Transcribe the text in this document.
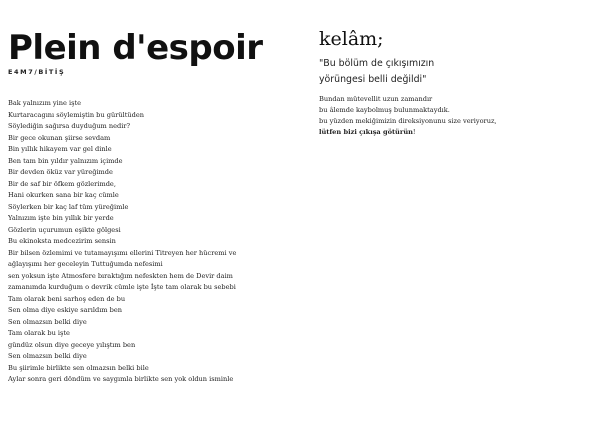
Plein d'espoir
E4M7/BİTİŞ
Bak yalnızım yine işte
Kurtaracagını söylemiştin bu gürültüden
Söylediğin sağırsa duyduğum nedir?
Bir gece okunan şiirse sevdam
Bin yıllık hikayem var gel dinle
Ben tam bin yıldır yalnızım içimde
Bir devden öküz var yüreğimde
Bir de saf bir öfkem gözlerimde,
Hani okurken sana bir kaç cümle
Söylerken bir kaç laf tüm yüreğimle
Yalnızım işte bin yıllık bir yerde
Gözlerin uçurumun eşikte gölgesi
Bu ekinoksta medcezirim sensin
Bir bilsen özlemimi ve tutamayışımı ellerini Titreyen her hücremi ve
ağlayışımı her geceleyin Tuttuğumda nefesimi
sen yoksun işte Atmosfere bıraktığım nefeskten hem de Devir daim
zamanımda kurduğum o devrik cümle işte İşte tam olarak bu sebebi
Tam olarak beni sarhoş eden de bu
Sen olma diye eskiye sarıldım ben
Sen olmazsın belki diye
Tam olarak bu işte
gündüz olsun diye geceye yılıştım ben
Sen olmazsın belki diye
Bu şiirimle birlikte sen olmazsın belki bile
Aylar sonra geri döndüm ve saygımla birlikte sen yok oldun isminle
kelâm;
"Bu bölüm de çıkışımızın
yörüngesi belli değildi"
Bundan mütevellit uzun zamandır
bu âlemde kaybolmuş bulunmaktaydık.
bu yüzden mekiğimizin direksiyonunu size veriyoruz,
lütfen bizi çıkışa götürün!
